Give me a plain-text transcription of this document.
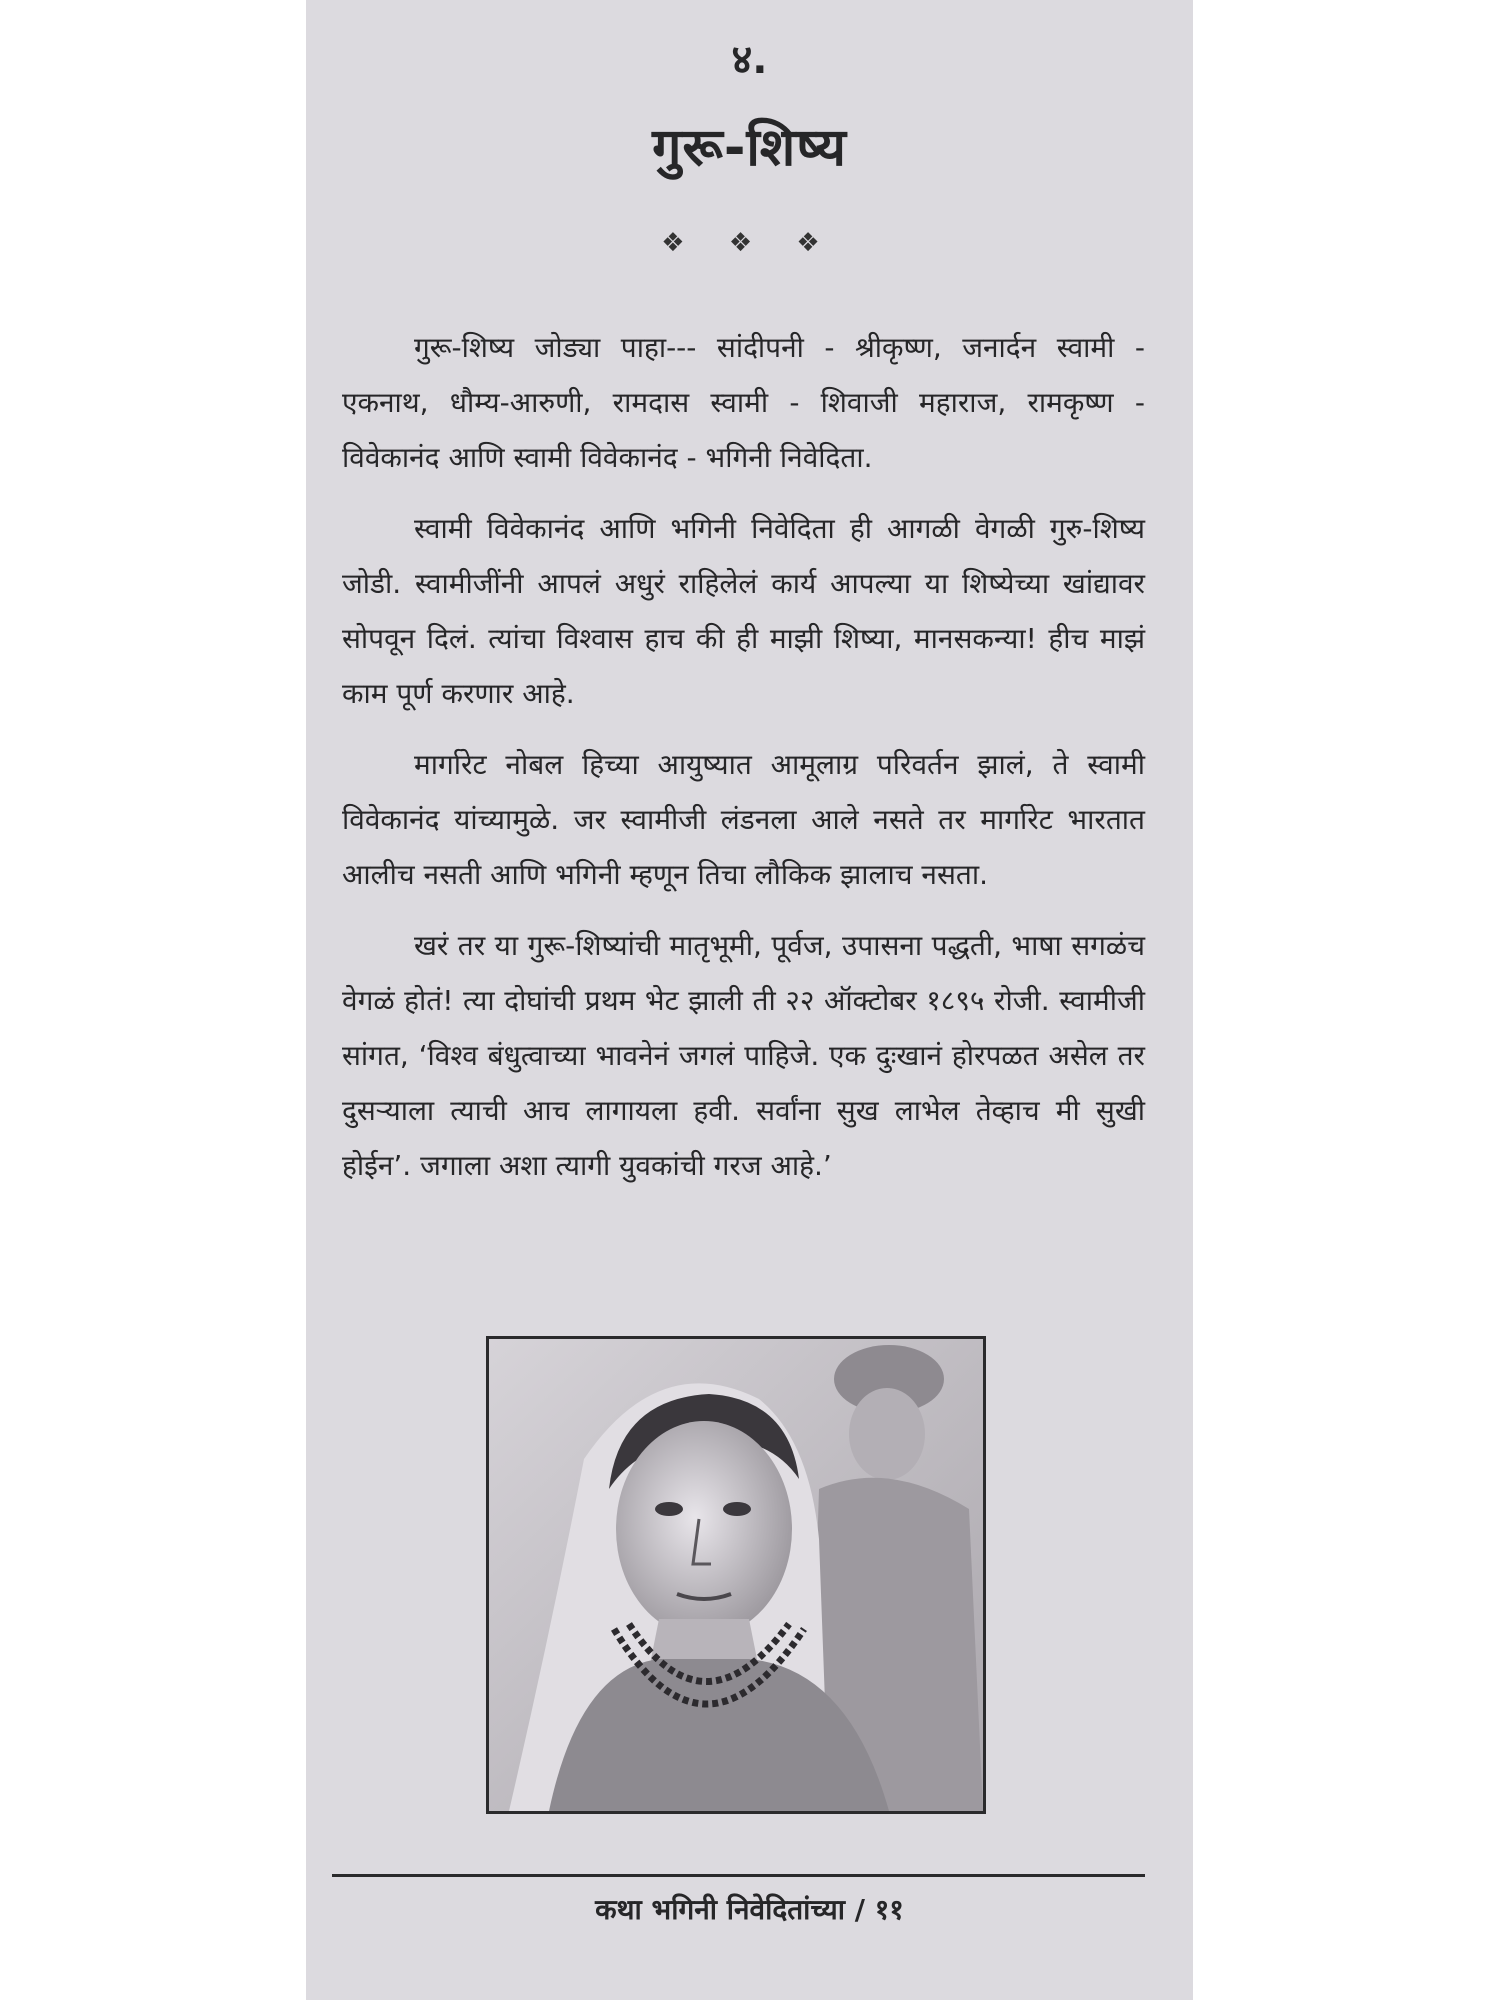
४.
गुरू-शिष्य
❖ ❖ ❖

गुरू-शिष्य जोड्या पाहा--- सांदीपनी - श्रीकृष्ण, जनार्दन स्वामी - एकनाथ, धौम्य-आरुणी, रामदास स्वामी - शिवाजी महाराज, रामकृष्ण - विवेकानंद आणि स्वामी विवेकानंद - भगिनी निवेदिता.

स्वामी विवेकानंद आणि भगिनी निवेदिता ही आगळी वेगळी गुरु-शिष्य जोडी. स्वामीजींनी आपलं अधुरं राहिलेलं कार्य आपल्या या शिष्येच्या खांद्यावर सोपवून दिलं. त्यांचा विश्वास हाच की ही माझी शिष्या, मानसकन्या! हीच माझं काम पूर्ण करणार आहे.

मार्गारेट नोबल हिच्या आयुष्यात आमूलाग्र परिवर्तन झालं, ते स्वामी विवेकानंद यांच्यामुळे. जर स्वामीजी लंडनला आले नसते तर मार्गारेट भारतात आलीच नसती आणि भगिनी म्हणून तिचा लौकिक झालाच नसता.

खरं तर या गुरू-शिष्यांची मातृभूमी, पूर्वज, उपासना पद्धती, भाषा सगळंच वेगळं होतं! त्या दोघांची प्रथम भेट झाली ती २२ ऑक्टोबर १८९५ रोजी. स्वामीजी सांगत, ‘विश्व बंधुत्वाच्या भावनेनं जगलं पाहिजे. एक दुःखानं होरपळत असेल तर दुसऱ्याला त्याची आच लागायला हवी. सर्वांना सुख लाभेल तेव्हाच मी सुखी होईन’. जगाला अशा त्यागी युवकांची गरज आहे.’

कथा भगिनी निवेदितांच्या / ११
